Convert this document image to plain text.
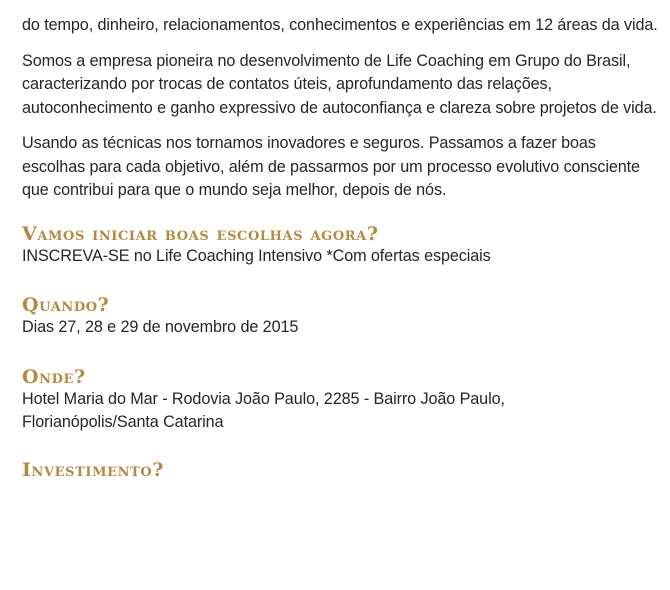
do tempo, dinheiro, relacionamentos, conhecimentos e experiências em 12 áreas da vida.

Somos a empresa pioneira no desenvolvimento de Life Coaching em Grupo do Brasil, caracterizando por trocas de contatos úteis, aprofundamento das relações, autoconhecimento e ganho expressivo de autoconfiança e clareza sobre projetos de vida.

Usando as técnicas nos tornamos inovadores e seguros. Passamos a fazer boas escolhas para cada objetivo, além de passarmos por um processo evolutivo consciente que contribui para que o mundo seja melhor, depois de nós.

Vamos iniciar boas escolhas agora?
INSCREVA-SE no Life Coaching Intensivo *Com ofertas especiais
Quando?
Dias 27, 28 e 29 de novembro de 2015
Onde?
Hotel Maria do Mar - Rodovia João Paulo, 2285 - Bairro João Paulo,
Florianópolis/Santa Catarina
Investimento?
